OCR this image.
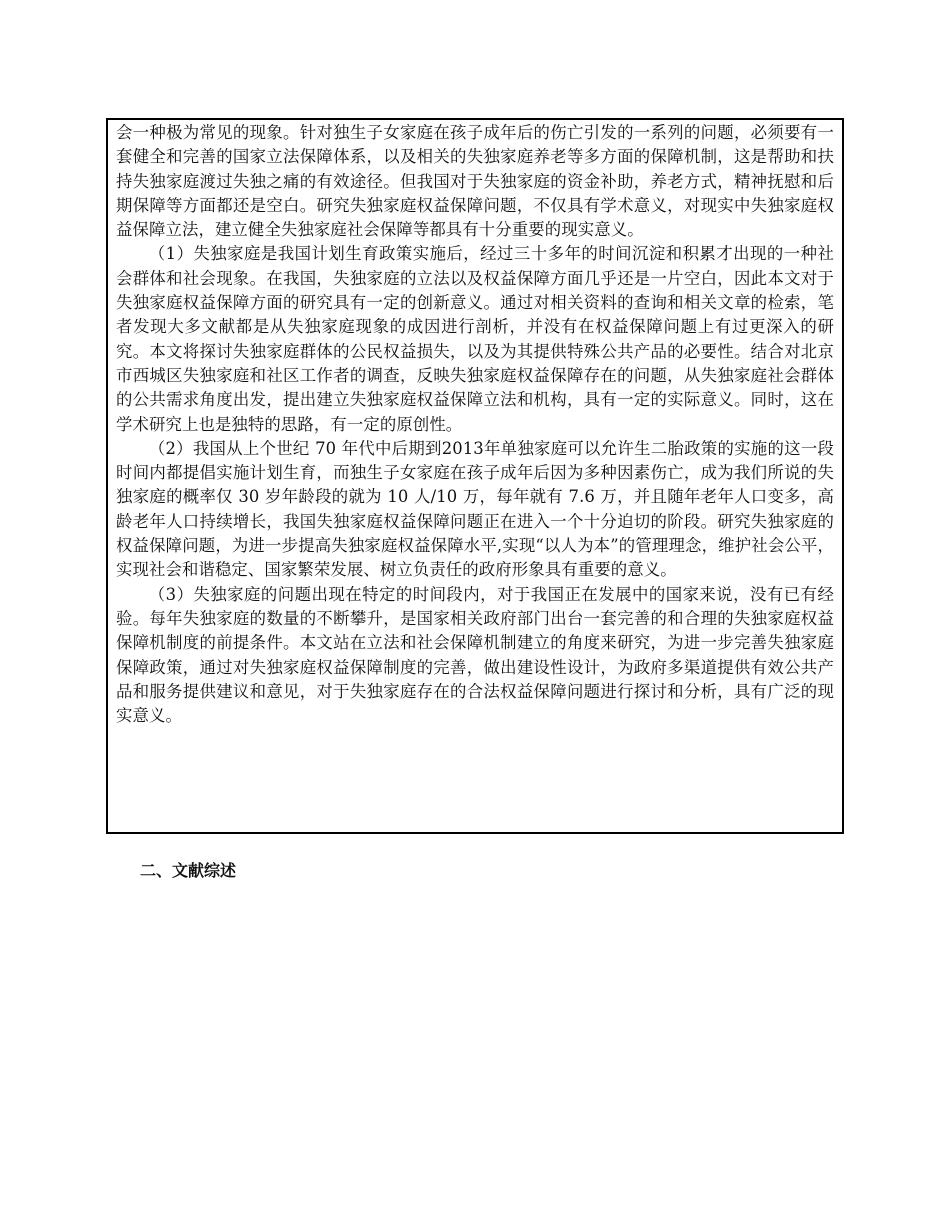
会一种极为常见的现象。针对独生子女家庭在孩子成年后的伤亡引发的一系列的问题，必须要有一套健全和完善的国家立法保障体系，以及相关的失独家庭养老等多方面的保障机制，这是帮助和扶持失独家庭渡过失独之痛的有效途径。但我国对于失独家庭的资金补助，养老方式，精神抚慰和后期保障等方面都还是空白。研究失独家庭权益保障问题，不仅具有学术意义，对现实中失独家庭权益保障立法，建立健全失独家庭社会保障等都具有十分重要的现实意义。

（1）失独家庭是我国计划生育政策实施后，经过三十多年的时间沉淀和积累才出现的一种社会群体和社会现象。在我国，失独家庭的立法以及权益保障方面几乎还是一片空白，因此本文对于失独家庭权益保障方面的研究具有一定的创新意义。通过对相关资料的查询和相关文章的检索，笔者发现大多文献都是从失独家庭现象的成因进行剖析，并没有在权益保障问题上有过更深入的研究。本文将探讨失独家庭群体的公民权益损失，以及为其提供特殊公共产品的必要性。结合对北京市西城区失独家庭和社区工作者的调查，反映失独家庭权益保障存在的问题，从失独家庭社会群体的公共需求角度出发，提出建立失独家庭权益保障立法和机构，具有一定的实际意义。同时，这在学术研究上也是独特的思路，有一定的原创性。

（2）我国从上个世纪 70 年代中后期到2013年单独家庭可以允许生二胎政策的实施的这一段时间内都提倡实施计划生育，而独生子女家庭在孩子成年后因为多种因素伤亡，成为我们所说的失独家庭的概率仅 30 岁年龄段的就为 10 人/10 万，每年就有 7.6 万，并且随年老年人口变多，高龄老年人口持续增长，我国失独家庭权益保障问题正在进入一个十分迫切的阶段。研究失独家庭的权益保障问题，为进一步提高失独家庭权益保障水平,实现“以人为本”的管理理念，维护社会公平，实现社会和谐稳定、国家繁荣发展、树立负责任的政府形象具有重要的意义。

（3）失独家庭的问题出现在特定的时间段内，对于我国正在发展中的国家来说，没有已有经验。每年失独家庭的数量的不断攀升，是国家相关政府部门出台一套完善的和合理的失独家庭权益保障机制度的前提条件。本文站在立法和社会保障机制建立的角度来研究，为进一步完善失独家庭保障政策，通过对失独家庭权益保障制度的完善，做出建设性设计，为政府多渠道提供有效公共产品和服务提供建议和意见，对于失独家庭存在的合法权益保障问题进行探讨和分析，具有广泛的现实意义。

二、文献综述
